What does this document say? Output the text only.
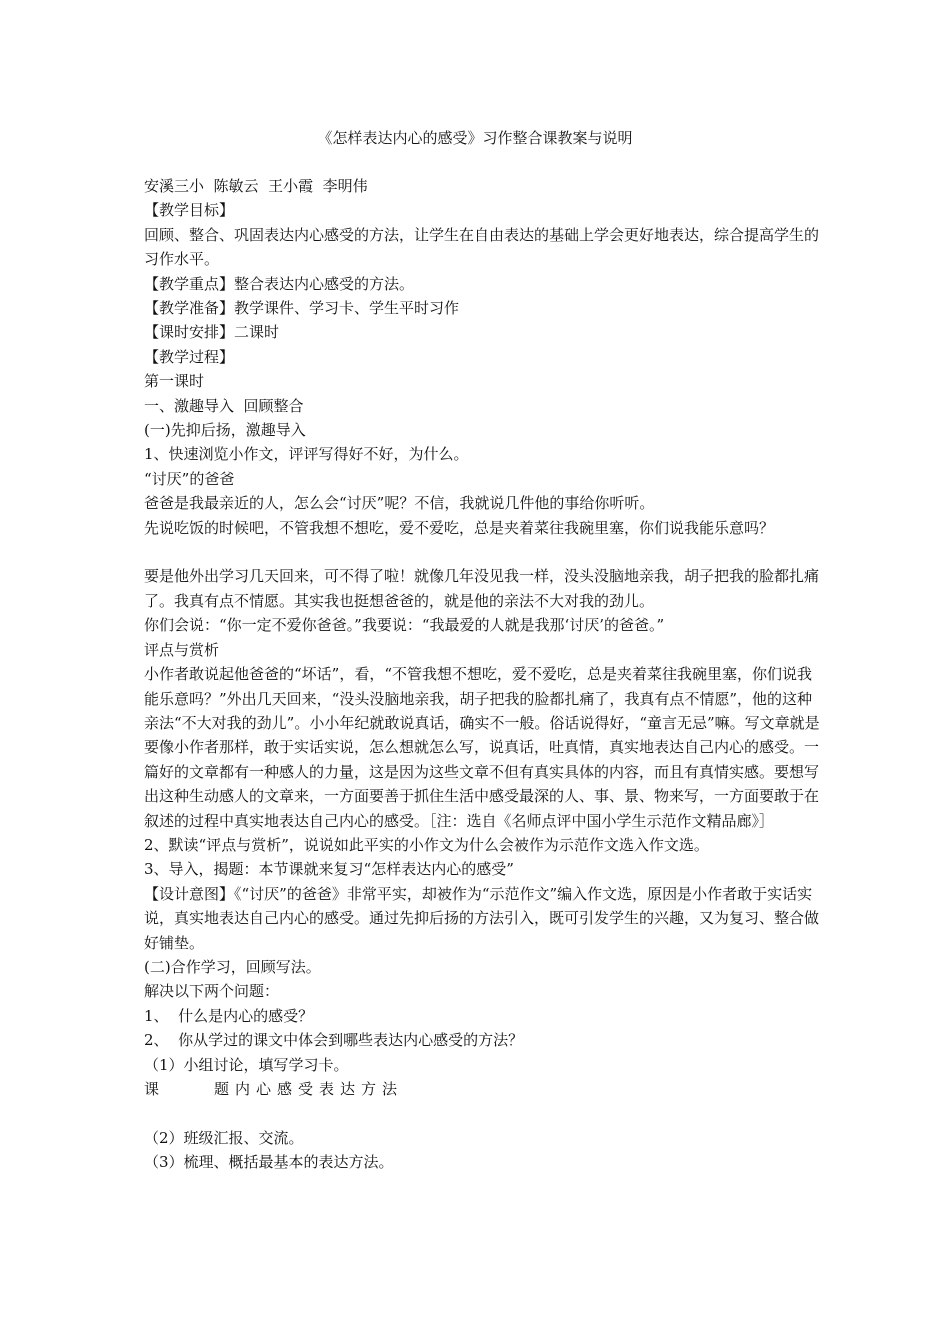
《怎样表达内心的感受》习作整合课教案与说明

安溪三小  陈敏云  王小霞  李明伟

【教学目标】

回顾、整合、巩固表达内心感受的方法，让学生在自由表达的基础上学会更好地表达，综合提高学生的习作水平。

【教学重点】整合表达内心感受的方法。

【教学准备】教学课件、学习卡、学生平时习作

【课时安排】二课时

【教学过程】

第一课时

一、激趣导入  回顾整合

(一)先抑后扬，激趣导入

1、快速浏览小作文，评评写得好不好，为什么。

“讨厌”的爸爸

爸爸是我最亲近的人，怎么会“讨厌”呢？不信，我就说几件他的事给你听听。

先说吃饭的时候吧，不管我想不想吃，爱不爱吃，总是夹着菜往我碗里塞，你们说我能乐意吗？

要是他外出学习几天回来，可不得了啦！就像几年没见我一样，没头没脑地亲我，胡子把我的脸都扎痛了。我真有点不情愿。其实我也挺想爸爸的，就是他的亲法不大对我的劲儿。

你们会说：“你一定不爱你爸爸。”我要说：“我最爱的人就是我那‘讨厌’的爸爸。”

评点与赏析

小作者敢说起他爸爸的“坏话”，看，“不管我想不想吃，爱不爱吃，总是夹着菜往我碗里塞，你们说我能乐意吗？”外出几天回来，“没头没脑地亲我，胡子把我的脸都扎痛了，我真有点不情愿”，他的这种亲法“不大对我的劲儿”。小小年纪就敢说真话，确实不一般。俗话说得好，“童言无忌”嘛。写文章就是要像小作者那样，敢于实话实说，怎么想就怎么写，说真话，吐真情，真实地表达自己内心的感受。一篇好的文章都有一种感人的力量，这是因为这些文章不但有真实具体的内容，而且有真情实感。要想写出这种生动感人的文章来，一方面要善于抓住生活中感受最深的人、事、景、物来写，一方面要敢于在叙述的过程中真实地表达自己内心的感受。［注：选自《名师点评中国小学生示范作文精品廊》］

2、默读“评点与赏析”，说说如此平实的小作文为什么会被作为示范作文选入作文选。

3、导入，揭题：本节课就来复习“怎样表达内心的感受”

【设计意图】《“讨厌”的爸爸》非常平实，却被作为“示范作文”编入作文选，原因是小作者敢于实话实说，真实地表达自己内心的感受。通过先抑后扬的方法引入，既可引发学生的兴趣，又为复习、整合做好铺垫。

(二)合作学习，回顾写法。

解决以下两个问题：

1、  什么是内心的感受？

2、  你从学过的课文中体会到哪些表达内心感受的方法？

（1）小组讨论，填写学习卡。

课	题内心感受表达方法

（2）班级汇报、交流。

（3）梳理、概括最基本的表达方法。
